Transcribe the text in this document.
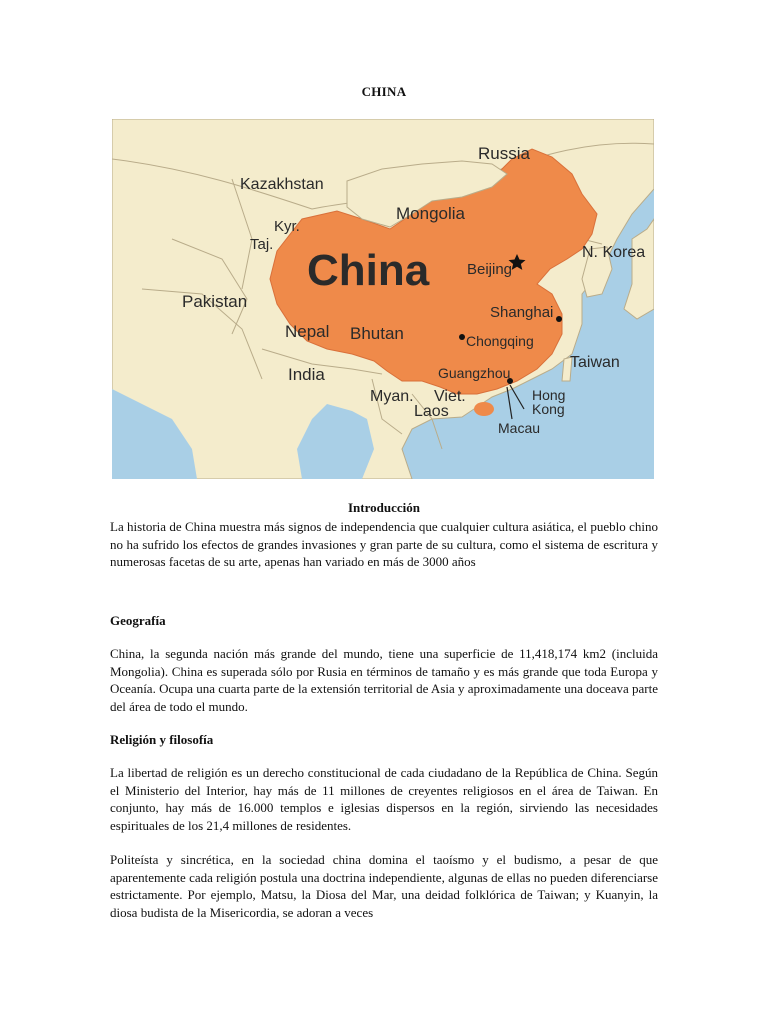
CHINA
Russia
Kazakhstan
Mongolia
Kyr.
Taj.
China	Beijing
N. Korea
Pakistan
Shanghai
Chongqing
Nepal Bhutan
India
Taiwan
Guangzhou
Myan. Viet.
Laos
Hong
Kong
Macau
Introducción

La historia de China muestra más signos de independencia que cualquier cultura asiática, el pueblo chino no ha sufrido los efectos de grandes invasiones y gran parte de su cultura, como el sistema de escritura y numerosas facetas de su arte, apenas han variado en más de 3000 años

Geografía

China, la segunda nación más grande del mundo, tiene una superficie de 11,418,174 km2 (incluida Mongolia). China es superada sólo por Rusia en términos de tamaño y es más grande que toda Europa y Oceanía. Ocupa una cuarta parte de la extensión territorial de Asia y aproximadamente una doceava parte del área de todo el mundo.

Religión y filosofía

La libertad de religión es un derecho constitucional de cada ciudadano de la República de China. Según el Ministerio del Interior, hay más de 11 millones de creyentes religiosos en el área de Taiwan. En conjunto, hay más de 16.000 templos e iglesias dispersos en la región, sirviendo las necesidades espirituales de los 21,4 millones de residentes.

Politeísta y sincrética, en la sociedad china domina el taoísmo y el budismo, a pesar de que aparentemente cada religión postula una doctrina independiente, algunas de ellas no pueden diferenciarse estrictamente. Por ejemplo, Matsu, la Diosa del Mar, una deidad folklórica de Taiwan; y Kuanyin, la diosa budista de la Misericordia, se adoran a veces
